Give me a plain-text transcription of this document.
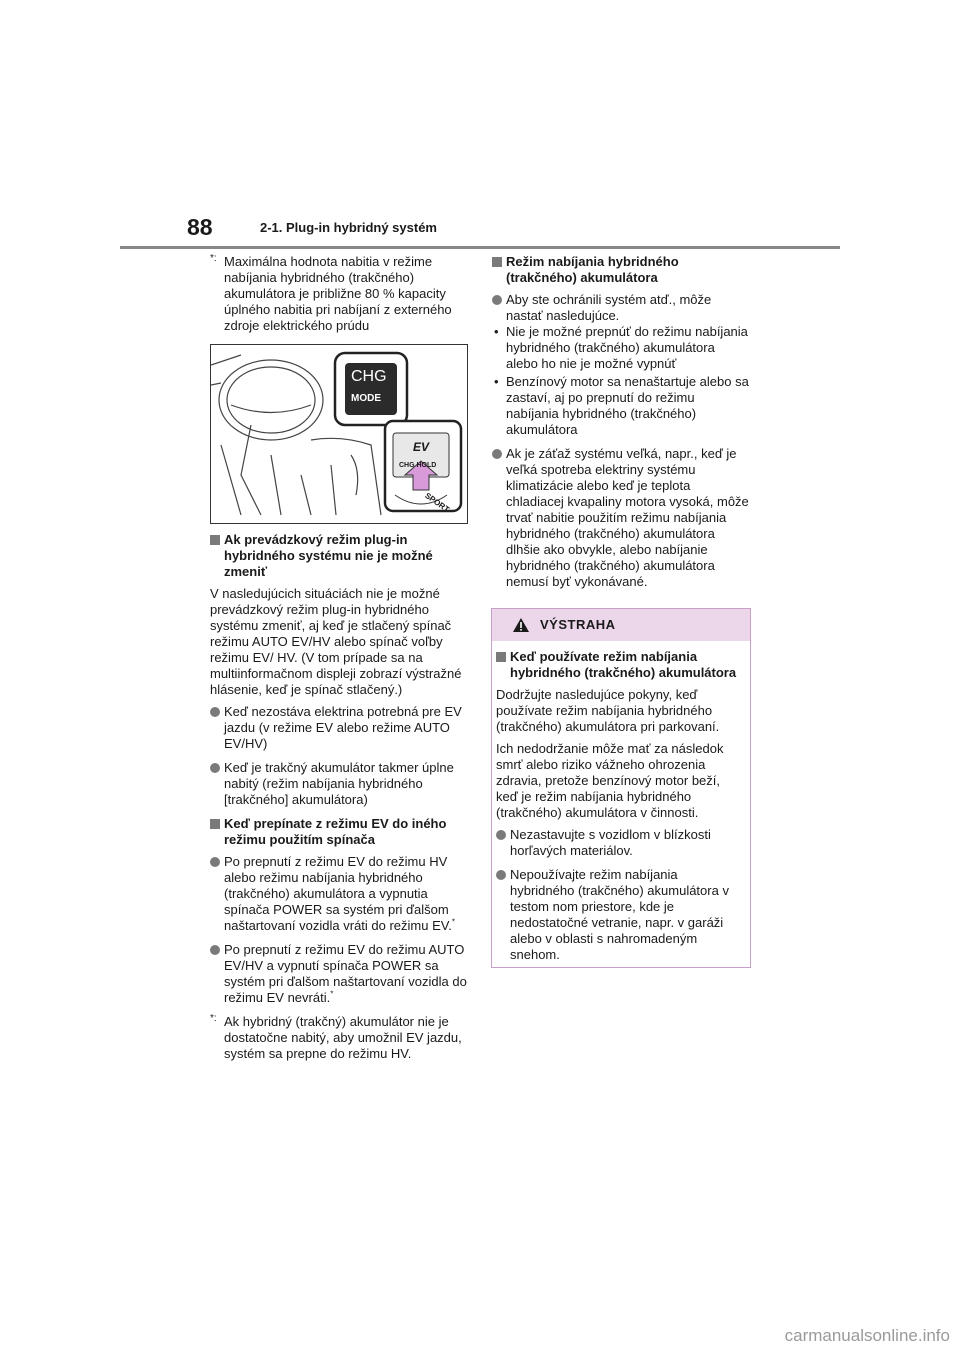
88	2-1. Plug-in hybridný systém
*: Maximálna hodnota nabitia v režime nabíjania hybridného (trakčného) akumulátora je približne 80 % kapacity úplného nabitia pri nabíjaní z externého zdroje elektrického prúdu
CHG
MODE
EV
CHG HOLD
SPORT
Ak prevádzkový režim plug-in hybridného systému nie je možné zmeniť
V nasledujúcich situáciách nie je možné prevádzkový režim plug-in hybridného systému zmeniť, aj keď je stlačený spínač režimu AUTO EV/HV alebo spínač voľby režimu EV/ HV. (V tom prípade sa na multiinformačnom displeji zobrazí výstražné hlásenie, keď je spínač stlačený.)
Keď nezostáva elektrina potrebná pre EV jazdu (v režime EV alebo režime AUTO EV/HV)
Keď je trakčný akumulátor takmer úplne nabitý (režim nabíjania hybridného [trakčného] akumulátora)
Keď prepínate z režimu EV do iného režimu použitím spínača
Po prepnutí z režimu EV do režimu HV alebo režimu nabíjania hybridného (trakčného) akumulátora a vypnutia spínača POWER sa systém pri ďalšom naštartovaní vozidla vráti do režimu EV.*
Po prepnutí z režimu EV do režimu AUTO EV/HV a vypnutí spínača POWER sa systém pri ďalšom naštartovaní vozidla do režimu EV nevráti.*
*: Ak hybridný (trakčný) akumulátor nie je dostatočne nabitý, aby umožnil EV jazdu, systém sa prepne do režimu HV.
Režim nabíjania hybridného (trakčného) akumulátora
Aby ste ochránili systém atď., môže nastať nasledujúce.
• Nie je možné prepnúť do režimu nabíjania hybridného (trakčného) akumulátora alebo ho nie je možné vypnúť
• Benzínový motor sa nenaštartuje alebo sa zastaví, aj po prepnutí do režimu nabíjania hybridného (trakčného) akumulátora
Ak je záťaž systému veľká, napr., keď je veľká spotreba elektriny systému klimatizácie alebo keď je teplota chladiacej kvapaliny motora vysoká, môže trvať nabitie použitím režimu nabíjania hybridného (trakčného) akumulátora dlhšie ako obvykle, alebo nabíjanie hybridného (trakčného) akumulátora nemusí byť vykonávané.
VÝSTRAHA
Keď používate režim nabíjania hybridného (trakčného) akumulátora
Dodržujte nasledujúce pokyny, keď používate režim nabíjania hybridného (trakčného) akumulátora pri parkovaní.
Ich nedodržanie môže mať za následok smrť alebo riziko vážneho ohrozenia zdravia, pretože benzínový motor beží, keď je režim nabíjania hybridného (trakčného) akumulátora v činnosti.
Nezastavujte s vozidlom v blízkosti horľavých materiálov.
Nepoužívajte režim nabíjania hybridného (trakčného) akumulátora v testom nom priestore, kde je nedostatočné vetranie, napr. v garáži alebo v oblasti s nahromadeným snehom.
carmanualsonline.info
